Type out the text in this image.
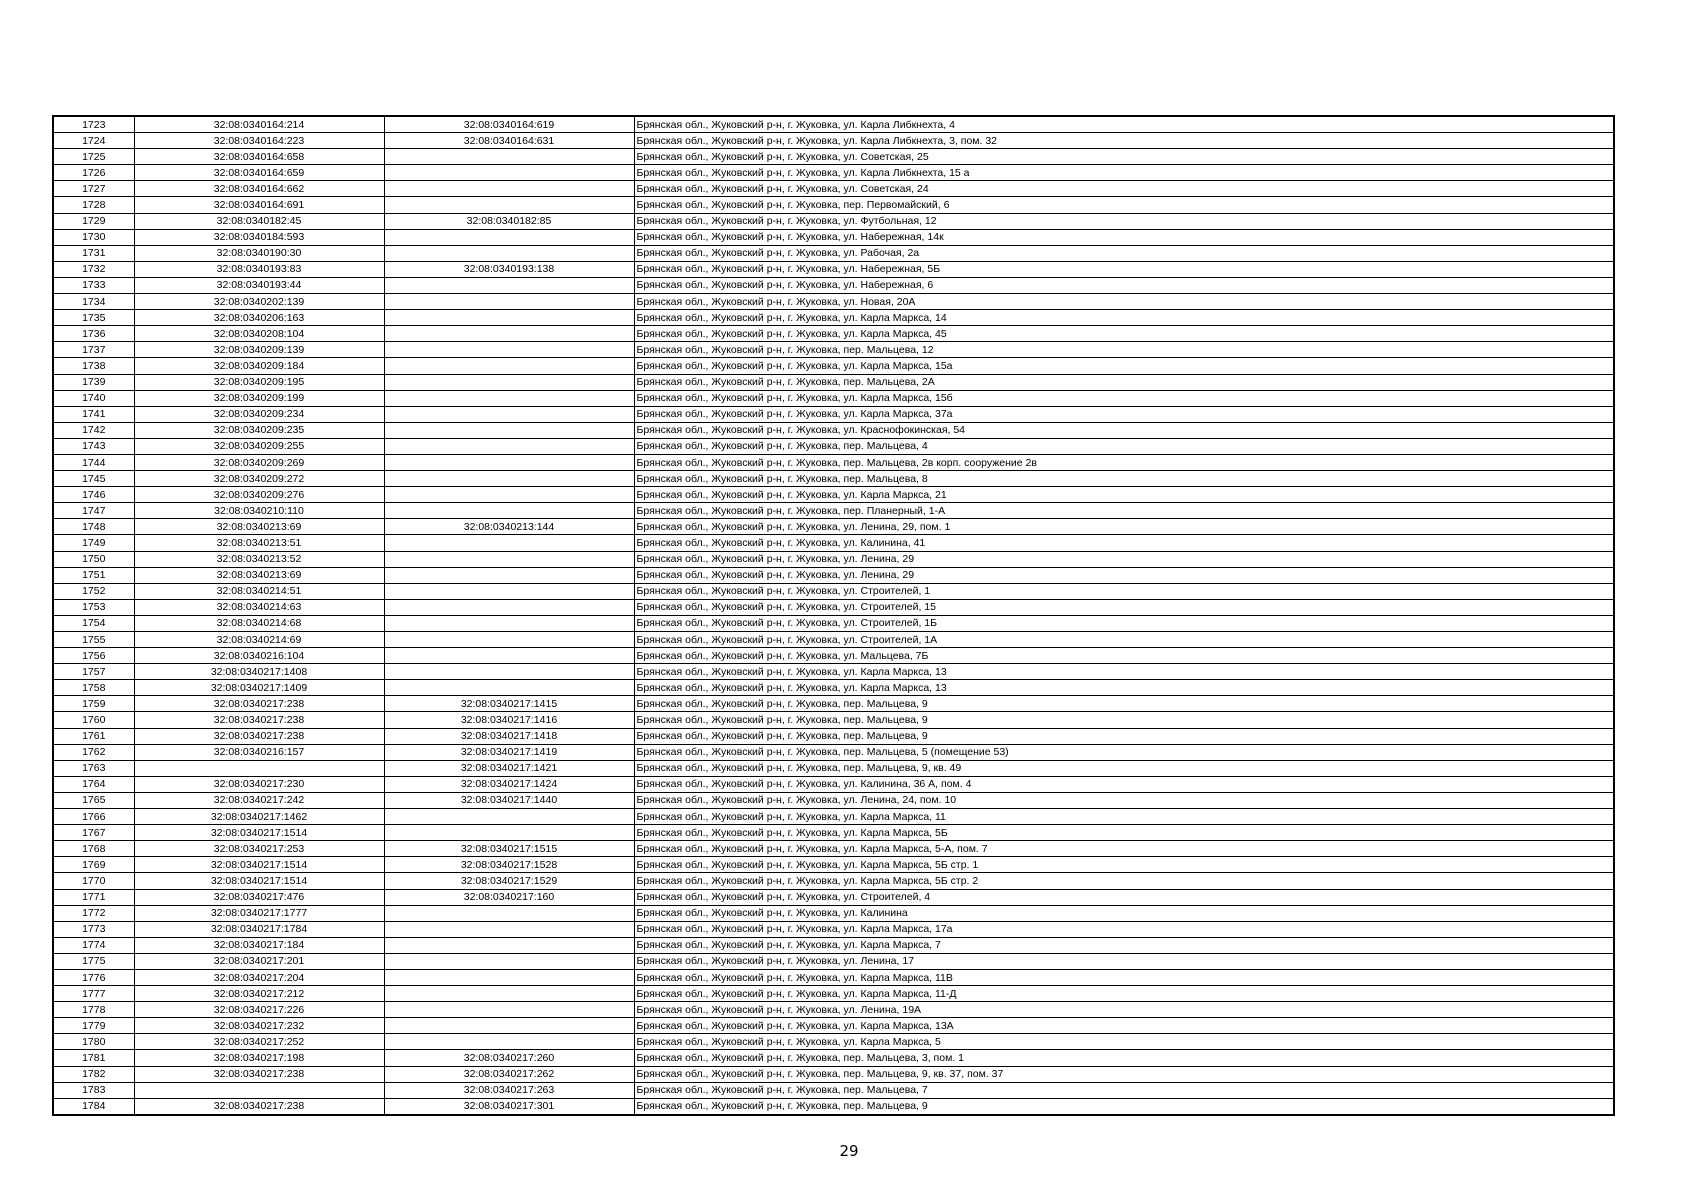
1723	32:08:0340164:214	32:08:0340164:619	Брянская обл., Жуковский р-н, г. Жуковка, ул. Карла Либкнехта, 4
1724	32:08:0340164:223	32:08:0340164:631	Брянская обл., Жуковский р-н, г. Жуковка, ул. Карла Либкнехта, 3, пом. 32
1725	32:08:0340164:658		Брянская обл., Жуковский р-н, г. Жуковка, ул. Советская, 25
1726	32:08:0340164:659		Брянская обл., Жуковский р-н, г. Жуковка, ул. Карла Либкнехта, 15 а
1727	32:08:0340164:662		Брянская обл., Жуковский р-н, г. Жуковка, ул. Советская, 24
1728	32:08:0340164:691		Брянская обл., Жуковский р-н, г. Жуковка, пер. Первомайский, 6
1729	32:08:0340182:45	32:08:0340182:85	Брянская обл., Жуковский р-н, г. Жуковка, ул. Футбольная, 12
1730	32:08:0340184:593		Брянская обл., Жуковский р-н, г. Жуковка, ул. Набережная, 14к
1731	32:08:0340190:30		Брянская обл., Жуковский р-н, г. Жуковка, ул. Рабочая, 2а
1732	32:08:0340193:83	32:08:0340193:138	Брянская обл., Жуковский р-н, г. Жуковка, ул. Набережная, 5Б
1733	32:08:0340193:44		Брянская обл., Жуковский р-н, г. Жуковка, ул. Набережная, 6
1734	32:08:0340202:139		Брянская обл., Жуковский р-н, г. Жуковка, ул. Новая, 20А
1735	32:08:0340206:163		Брянская обл., Жуковский р-н, г. Жуковка, ул. Карла Маркса, 14
1736	32:08:0340208:104		Брянская обл., Жуковский р-н, г. Жуковка, ул. Карла Маркса, 45
1737	32:08:0340209:139		Брянская обл., Жуковский р-н, г. Жуковка, пер. Мальцева, 12
1738	32:08:0340209:184		Брянская обл., Жуковский р-н, г. Жуковка, ул. Карла Маркса, 15а
1739	32:08:0340209:195		Брянская обл., Жуковский р-н, г. Жуковка, пер. Мальцева, 2А
1740	32:08:0340209:199		Брянская обл., Жуковский р-н, г. Жуковка, ул. Карла Маркса, 15б
1741	32:08:0340209:234		Брянская обл., Жуковский р-н, г. Жуковка, ул. Карла Маркса, 37а
1742	32:08:0340209:235		Брянская обл., Жуковский р-н, г. Жуковка, ул. Краснофокинская, 54
1743	32:08:0340209:255		Брянская обл., Жуковский р-н, г. Жуковка, пер. Мальцева, 4
1744	32:08:0340209:269		Брянская обл., Жуковский р-н, г. Жуковка, пер. Мальцева, 2в корп. сооружение 2в
1745	32:08:0340209:272		Брянская обл., Жуковский р-н, г. Жуковка, пер. Мальцева, 8
1746	32:08:0340209:276		Брянская обл., Жуковский р-н, г. Жуковка, ул. Карла Маркса, 21
1747	32:08:0340210:110		Брянская обл., Жуковский р-н, г. Жуковка, пер. Планерный, 1-А
1748	32:08:0340213:69	32:08:0340213:144	Брянская обл., Жуковский р-н, г. Жуковка, ул. Ленина, 29, пом. 1
1749	32:08:0340213:51		Брянская обл., Жуковский р-н, г. Жуковка, ул. Калинина, 41
1750	32:08:0340213:52		Брянская обл., Жуковский р-н, г. Жуковка, ул. Ленина, 29
1751	32:08:0340213:69		Брянская обл., Жуковский р-н, г. Жуковка, ул. Ленина, 29
1752	32:08:0340214:51		Брянская обл., Жуковский р-н, г. Жуковка, ул. Строителей, 1
1753	32:08:0340214:63		Брянская обл., Жуковский р-н, г. Жуковка, ул. Строителей, 15
1754	32:08:0340214:68		Брянская обл., Жуковский р-н, г. Жуковка, ул. Строителей, 1Б
1755	32:08:0340214:69		Брянская обл., Жуковский р-н, г. Жуковка, ул. Строителей, 1А
1756	32:08:0340216:104		Брянская обл., Жуковский р-н, г. Жуковка, ул. Мальцева, 7Б
1757	32:08:0340217:1408		Брянская обл., Жуковский р-н, г. Жуковка, ул. Карла Маркса, 13
1758	32:08:0340217:1409		Брянская обл., Жуковский р-н, г. Жуковка, ул. Карла Маркса, 13
1759	32:08:0340217:238	32:08:0340217:1415	Брянская обл., Жуковский р-н, г. Жуковка, пер. Мальцева, 9
1760	32:08:0340217:238	32:08:0340217:1416	Брянская обл., Жуковский р-н, г. Жуковка, пер. Мальцева, 9
1761	32:08:0340217:238	32:08:0340217:1418	Брянская обл., Жуковский р-н, г. Жуковка, пер. Мальцева, 9
1762	32:08:0340216:157	32:08:0340217:1419	Брянская обл., Жуковский р-н, г. Жуковка, пер. Мальцева, 5 (помещение 53)
1763		32:08:0340217:1421	Брянская обл., Жуковский р-н, г. Жуковка, пер. Мальцева, 9, кв. 49
1764	32:08:0340217:230	32:08:0340217:1424	Брянская обл., Жуковский р-н, г. Жуковка, ул. Калинина, 36 А, пом. 4
1765	32:08:0340217:242	32:08:0340217:1440	Брянская обл., Жуковский р-н, г. Жуковка, ул. Ленина, 24, пом. 10
1766	32:08:0340217:1462		Брянская обл., Жуковский р-н, г. Жуковка, ул. Карла Маркса, 11
1767	32:08:0340217:1514		Брянская обл., Жуковский р-н, г. Жуковка, ул. Карла Маркса, 5Б
1768	32:08:0340217:253	32:08:0340217:1515	Брянская обл., Жуковский р-н, г. Жуковка, ул. Карла Маркса, 5-А, пом. 7
1769	32:08:0340217:1514	32:08:0340217:1528	Брянская обл., Жуковский р-н, г. Жуковка, ул. Карла Маркса, 5Б стр. 1
1770	32:08:0340217:1514	32:08:0340217:1529	Брянская обл., Жуковский р-н, г. Жуковка, ул. Карла Маркса, 5Б стр. 2
1771	32:08:0340217:476	32:08:0340217:160	Брянская обл., Жуковский р-н, г. Жуковка, ул. Строителей, 4
1772	32:08:0340217:1777		Брянская обл., Жуковский р-н, г. Жуковка, ул. Калинина
1773	32:08:0340217:1784		Брянская обл., Жуковский р-н, г. Жуковка, ул. Карла Маркса, 17а
1774	32:08:0340217:184		Брянская обл., Жуковский р-н, г. Жуковка, ул. Карла Маркса, 7
1775	32:08:0340217:201		Брянская обл., Жуковский р-н, г. Жуковка, ул. Ленина, 17
1776	32:08:0340217:204		Брянская обл., Жуковский р-н, г. Жуковка, ул. Карла Маркса, 11В
1777	32:08:0340217:212		Брянская обл., Жуковский р-н, г. Жуковка, ул. Карла Маркса, 11-Д
1778	32:08:0340217:226		Брянская обл., Жуковский р-н, г. Жуковка, ул. Ленина, 19А
1779	32:08:0340217:232		Брянская обл., Жуковский р-н, г. Жуковка, ул. Карла Маркса, 13А
1780	32:08:0340217:252		Брянская обл., Жуковский р-н, г. Жуковка, ул. Карла Маркса, 5
1781	32:08:0340217:198	32:08:0340217:260	Брянская обл., Жуковский р-н, г. Жуковка, пер. Мальцева, 3, пом. 1
1782	32:08:0340217:238	32:08:0340217:262	Брянская обл., Жуковский р-н, г. Жуковка, пер. Мальцева, 9, кв. 37, пом. 37
1783		32:08:0340217:263	Брянская обл., Жуковский р-н, г. Жуковка, пер. Мальцева, 7
1784	32:08:0340217:238	32:08:0340217:301	Брянская обл., Жуковский р-н, г. Жуковка, пер. Мальцева, 9
29
